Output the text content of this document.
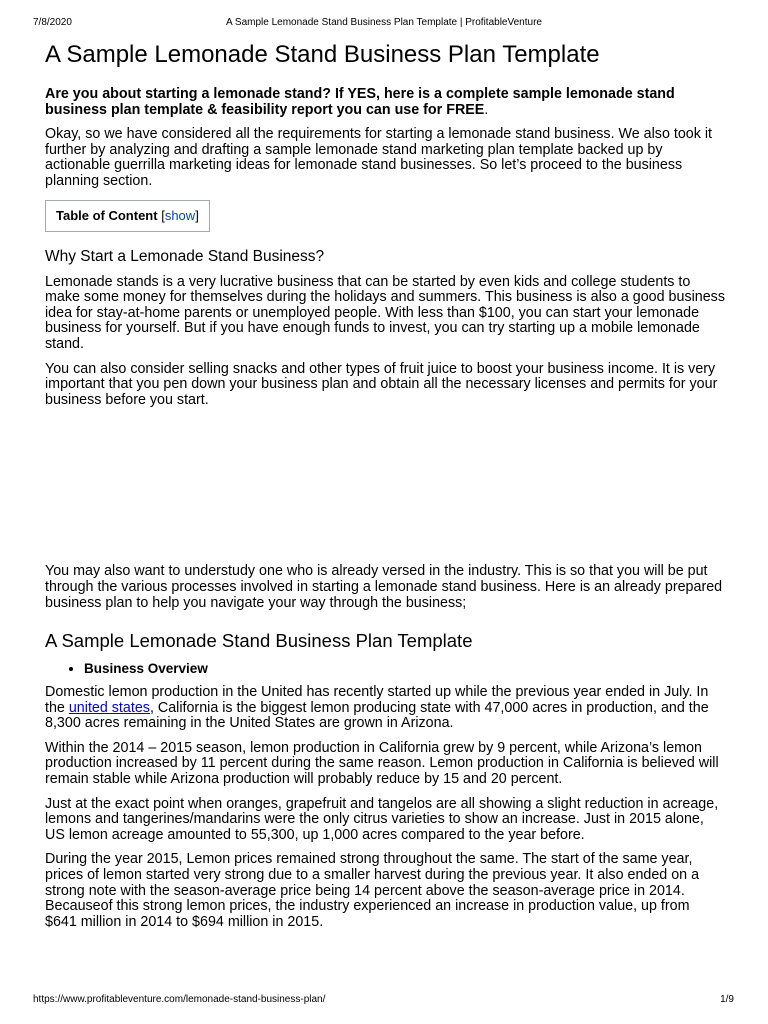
7/8/2020	A Sample Lemonade Stand Business Plan Template | ProfitableVenture
A Sample Lemonade Stand Business Plan Template

Are you about starting a lemonade stand? If YES, here is a complete sample lemonade stand business plan template & feasibility report you can use for FREE.

Okay, so we have considered all the requirements for starting a lemonade stand business. We also took it further by analyzing and drafting a sample lemonade stand marketing plan template backed up by actionable guerrilla marketing ideas for lemonade stand businesses. So let’s proceed to the business planning section.

Table of Content [show]
Why Start a Lemonade Stand Business?

Lemonade stands is a very lucrative business that can be started by even kids and college students to make some money for themselves during the holidays and summers. This business is also a good business idea for stay-at-home parents or unemployed people. With less than $100, you can start your lemonade business for yourself. But if you have enough funds to invest, you can try starting up a mobile lemonade stand.

You can also consider selling snacks and other types of fruit juice to boost your business income. It is very important that you pen down your business plan and obtain all the necessary licenses and permits for your business before you start.

You may also want to understudy one who is already versed in the industry. This is so that you will be put through the various processes involved in starting a lemonade stand business. Here is an already prepared business plan to help you navigate your way through the business;

A Sample Lemonade Stand Business Plan Template
• Business Overview

Domestic lemon production in the United has recently started up while the previous year ended in July. In the united states, California is the biggest lemon producing state with 47,000 acres in production, and the 8,300 acres remaining in the United States are grown in Arizona.

Within the 2014 – 2015 season, lemon production in California grew by 9 percent, while Arizona’s lemon production increased by 11 percent during the same reason. Lemon production in California is believed will remain stable while Arizona production will probably reduce by 15 and 20 percent.

Just at the exact point when oranges, grapefruit and tangelos are all showing a slight reduction in acreage, lemons and tangerines/mandarins were the only citrus varieties to show an increase. Just in 2015 alone, US lemon acreage amounted to 55,300, up 1,000 acres compared to the year before.

During the year 2015, Lemon prices remained strong throughout the same. The start of the same year, prices of lemon started very strong due to a smaller harvest during the previous year. It also ended on a strong note with the season-average price being 14 percent above the season-average price in 2014. Becauseof this strong lemon prices, the industry experienced an increase in production value, up from $641 million in 2014 to $694 million in 2015.

https://www.profitableventure.com/lemonade-stand-business-plan/	1/9
